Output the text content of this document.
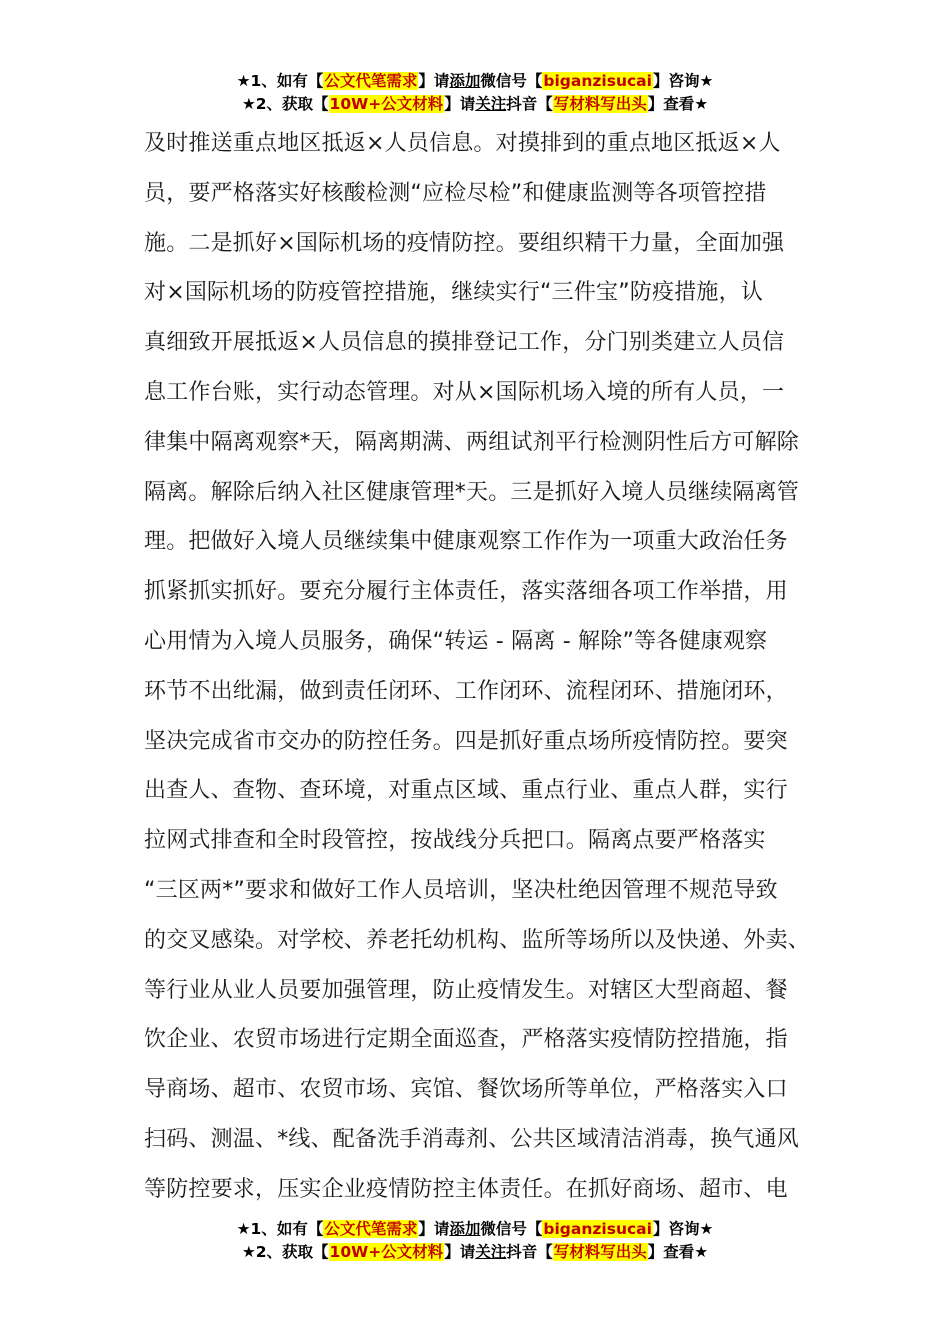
★1、如有【公文代笔需求】请添加微信号【biganzisucai】咨询★
★2、获取【10W+公文材料】请关注抖音【写材料写出头】查看★
及时推送重点地区抵返×人员信息。对摸排到的重点地区抵返×人
员，要严格落实好核酸检测“应检尽检”和健康监测等各项管控措
施。二是抓好×国际机场的疫情防控。要组织精干力量，全面加强
对×国际机场的防疫管控措施，继续实行“三件宝”防疫措施，认
真细致开展抵返×人员信息的摸排登记工作，分门别类建立人员信
息工作台账，实行动态管理。对从×国际机场入境的所有人员，一
律集中隔离观察*天，隔离期满、两组试剂平行检测阴性后方可解除
隔离。解除后纳入社区健康管理*天。三是抓好入境人员继续隔离管
理。把做好入境人员继续集中健康观察工作作为一项重大政治任务
抓紧抓实抓好。要充分履行主体责任，落实落细各项工作举措，用
心用情为入境人员服务，确保“转运 - 隔离 - 解除”等各健康观察
环节不出纰漏，做到责任闭环、工作闭环、流程闭环、措施闭环，
坚决完成省市交办的防控任务。四是抓好重点场所疫情防控。要突
出查人、查物、查环境，对重点区域、重点行业、重点人群，实行
拉网式排查和全时段管控，按战线分兵把口。隔离点要严格落实
“三区两*”要求和做好工作人员培训，坚决杜绝因管理不规范导致
的交叉感染。对学校、养老托幼机构、监所等场所以及快递、外卖、
等行业从业人员要加强管理，防止疫情发生。对辖区大型商超、餐
饮企业、农贸市场进行定期全面巡查，严格落实疫情防控措施，指
导商场、超市、农贸市场、宾馆、餐饮场所等单位，严格落实入口
扫码、测温、*线、配备洗手消毒剂、公共区域清洁消毒，换气通风
等防控要求，压实企业疫情防控主体责任。在抓好商场、超市、电
★1、如有【公文代笔需求】请添加微信号【biganzisucai】咨询★
★2、获取【10W+公文材料】请关注抖音【写材料写出头】查看★
